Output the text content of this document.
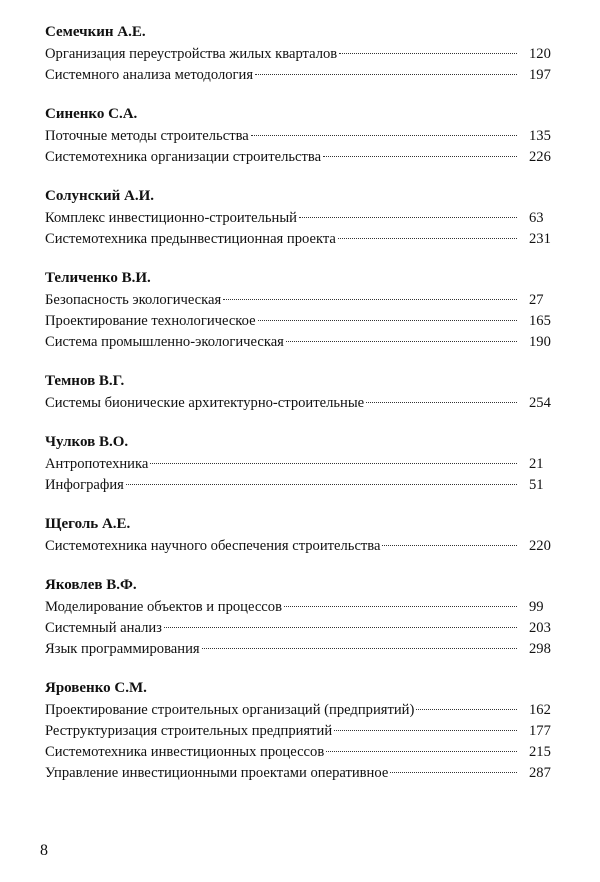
Семечкин А.Е.
Организация переустройства жилых кварталов	120
Системного анализа методология	197
Синенко С.А.
Поточные методы строительства	135
Системотехника организации строительства	226
Солунский А.И.
Комплекс инвестиционно-строительный	63
Системотехника предынвестиционная проекта	231
Теличенко В.И.
Безопасность экологическая	27
Проектирование технологическое	165
Система промышленно-экологическая	190
Темнов В.Г.
Системы бионические архитектурно-строительные	254
Чулков В.О.
Антропотехника	21
Инфография	51
Щеголь А.Е.
Системотехника научного обеспечения строительства	220
Яковлев В.Ф.
Моделирование объектов и процессов	99
Системный анализ	203
Язык программирования	298
Яровенко С.М.
Проектирование строительных организаций (предприятий)	162
Реструктуризация строительных предприятий	177
Системотехника инвестиционных процессов	215
Управление инвестиционными проектами оперативное	287
8
